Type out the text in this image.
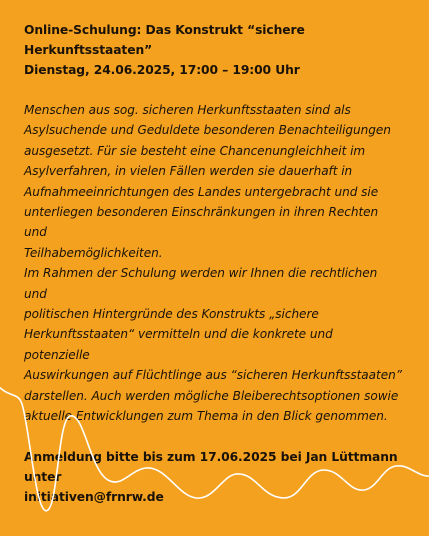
Online-Schulung: Das Konstrukt “sichere Herkunftsstaaten”

Dienstag, 24.06.2025, 17:00 – 19:00 Uhr

Menschen aus sog. sicheren Herkunftsstaaten sind als
Asylsuchende und Geduldete besonderen Benachteiligungen
ausgesetzt. Für sie besteht eine Chancenungleichheit im
Asylverfahren, in vielen Fällen werden sie dauerhaft in
Aufnahmeeinrichtungen des Landes untergebracht und sie
unterliegen besonderen Einschränkungen in ihren Rechten und
Teilhabemöglichkeiten.

Im Rahmen der Schulung werden wir Ihnen die rechtlichen und
politischen Hintergründe des Konstrukts „sichere
Herkunftsstaaten“ vermitteln und die konkrete und potenzielle
Auswirkungen auf Flüchtlinge aus “sicheren Herkunftsstaaten”
darstellen. Auch werden mögliche Bleiberechtsoptionen sowie
aktuelle Entwicklungen zum Thema in den Blick genommen.

Anmeldung bitte bis zum 17.06.2025 bei Jan Lüttmann unter
initiativen@frnrw.de
